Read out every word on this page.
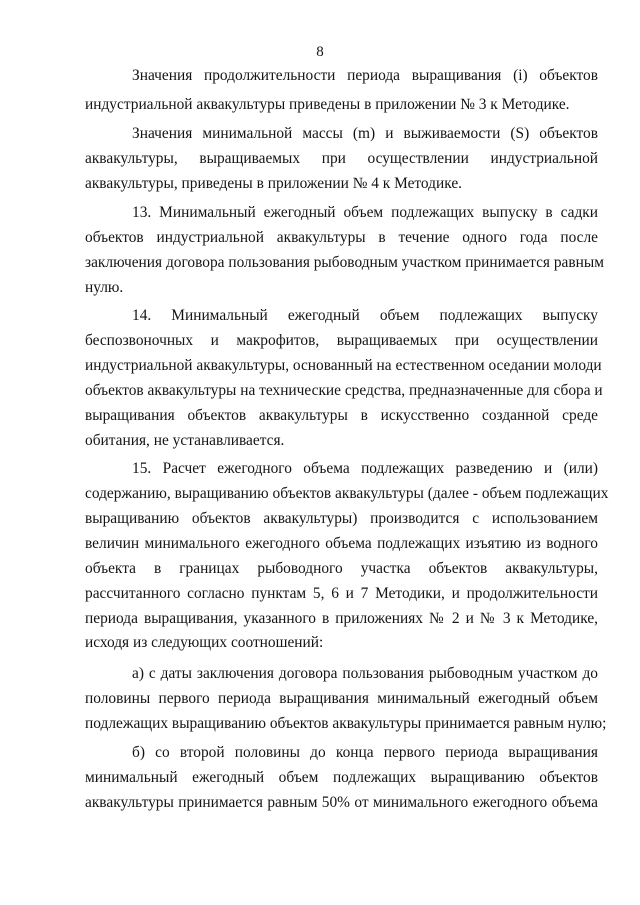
8
Значения продолжительности периода выращивания (i) объектов
индустриальной аквакультуры приведены в приложении № 3 к Методике.
Значения минимальной массы (m) и выживаемости (S) объектов
аквакультуры, выращиваемых при осуществлении индустриальной
аквакультуры, приведены в приложении № 4 к Методике.
13. Минимальный ежегодный объем подлежащих выпуску в садки
объектов индустриальной аквакультуры в течение одного года после
заключения договора пользования рыбоводным участком принимается равным
нулю.
14. Минимальный ежегодный объем подлежащих выпуску
беспозвоночных и макрофитов, выращиваемых при осуществлении
индустриальной аквакультуры, основанный на естественном оседании молоди
объектов аквакультуры на технические средства, предназначенные для сбора и
выращивания объектов аквакультуры в искусственно созданной среде
обитания, не устанавливается.
15. Расчет ежегодного объема подлежащих разведению и (или)
содержанию, выращиванию объектов аквакультуры (далее - объем подлежащих
выращиванию объектов аквакультуры) производится с использованием
величин минимального ежегодного объема подлежащих изъятию из водного
объекта в границах рыбоводного участка объектов аквакультуры,
рассчитанного согласно пунктам 5, 6 и 7 Методики, и продолжительности
периода выращивания, указанного в приложениях № 2 и № 3 к Методике,
исходя из следующих соотношений:
а) с даты заключения договора пользования рыбоводным участком до
половины первого периода выращивания минимальный ежегодный объем
подлежащих выращиванию объектов аквакультуры принимается равным нулю;
б) со второй половины до конца первого периода выращивания
минимальный ежегодный объем подлежащих выращиванию объектов
аквакультуры принимается равным 50% от минимального ежегодного объема
